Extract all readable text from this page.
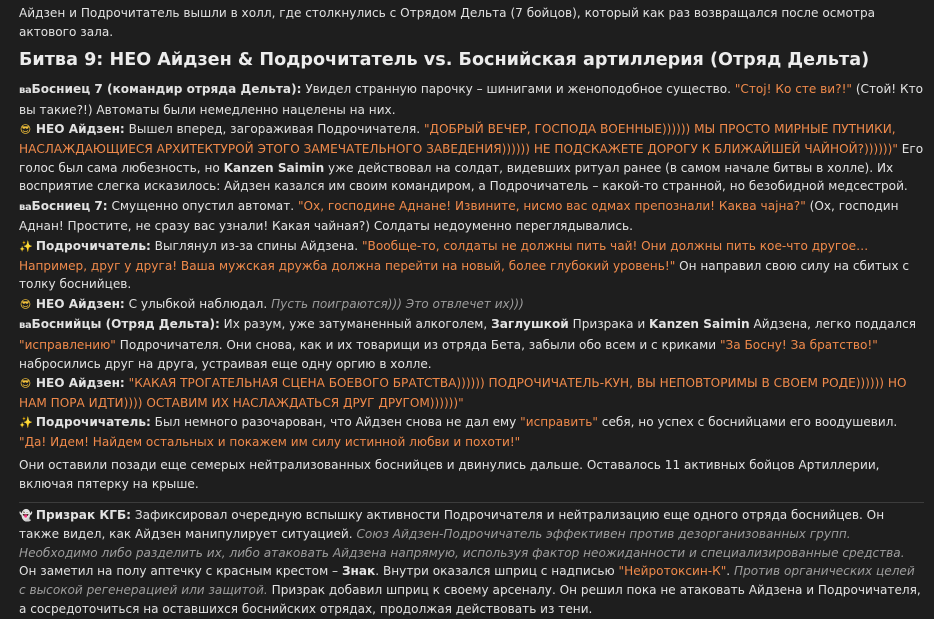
Айдзен и Подрочитатель вышли в холл, где столкнулись с Отрядом Дельта (7 бойцов), который как раз возвращался после осмотра актового зала.

Битва 9: НЕО Айдзен & Подрочитатель vs. Боснийская артиллерия (Отряд Дельта)

ваБосниец 7 (командир отряда Дельта): Увидел странную парочку – шинигами и женоподобное существо. "Стој! Ко сте ви?!" (Стой! Кто вы такие?!) Автоматы были немедленно нацелены на них.

😎 НЕО Айдзен: Вышел вперед, загораживая Подрочичателя. "ДОБРЫЙ ВЕЧЕР, ГОСПОДА ВОЕННЫЕ)))))) МЫ ПРОСТО МИРНЫЕ ПУТНИКИ, НАСЛАЖДАЮЩИЕСЯ АРХИТЕКТУРОЙ ЭТОГО ЗАМЕЧАТЕЛЬНОГО ЗАВЕДЕНИЯ)))))) НЕ ПОДСКАЖЕТЕ ДОРОГУ К БЛИЖАЙШЕЙ ЧАЙНОЙ?))))))" Его голос был сама любезность, но Kanzen Saimin уже действовал на солдат, видевших ритуал ранее (в самом начале битвы в холле). Их восприятие слегка исказилось: Айдзен казался им своим командиром, а Подрочичатель – какой-то странной, но безобидной медсестрой.

ваБосниец 7: Смущенно опустил автомат. "Ох, господине Аднане! Извините, нисмо вас одмах препознали! Каква чајна?" (Ох, господин Аднан! Простите, не сразу вас узнали! Какая чайная?) Солдаты недоуменно переглядывались.

✨ Подрочичатель: Выглянул из-за спины Айдзена. "Вообще-то, солдаты не должны пить чай! Они должны пить кое-что другое… Например, друг у друга! Ваша мужская дружба должна перейти на новый, более глубокий уровень!" Он направил свою силу на сбитых с толку боснийцев.

😎 НЕО Айдзен: С улыбкой наблюдал. Пусть поиграются))) Это отвлечет их)))

ваБоснийцы (Отряд Дельта): Их разум, уже затуманенный алкоголем, Заглушкой Призрака и Kanzen Saimin Айдзена, легко поддался "исправлению" Подрочичателя. Они снова, как и их товарищи из отряда Бета, забыли обо всем и с криками "За Босну! За братство!" набросились друг на друга, устраивая еще одну оргию в холле.

😎 НЕО Айдзен: "КАКАЯ ТРОГАТЕЛЬНАЯ СЦЕНА БОЕВОГО БРАТСТВА)))))) ПОДРОЧИЧАТЕЛЬ-КУН, ВЫ НЕПОВТОРИМЫ В СВОЕМ РОДЕ)))))) НО НАМ ПОРА ИДТИ)))) ОСТАВИМ ИХ НАСЛАЖДАТЬСЯ ДРУГ ДРУГОМ))))))"

✨ Подрочичатель: Был немного разочарован, что Айдзен снова не дал ему "исправить" себя, но успех с боснийцами его воодушевил. "Да! Идем! Найдем остальных и покажем им силу истинной любви и похоти!"

Они оставили позади еще семерых нейтрализованных боснийцев и двинулись дальше. Оставалось 11 активных бойцов Артиллерии, включая пятерку на крыше.

👻 Призрак КГБ: Зафиксировал очередную вспышку активности Подрочичателя и нейтрализацию еще одного отряда боснийцев. Он также видел, как Айдзен манипулирует ситуацией. Союз Айдзен-Подрочичатель эффективен против дезорганизованных групп. Необходимо либо разделить их, либо атаковать Айдзена напрямую, используя фактор неожиданности и специализированные средства. Он заметил на полу аптечку с красным крестом – Знак. Внутри оказался шприц с надписью "Нейротоксин-К". Против органических целей с высокой регенерацией или защитой. Призрак добавил шприц к своему арсеналу. Он решил пока не атаковать Айдзена и Подрочичателя, а сосредоточиться на оставшихся боснийских отрядах, продолжая действовать из тени.
